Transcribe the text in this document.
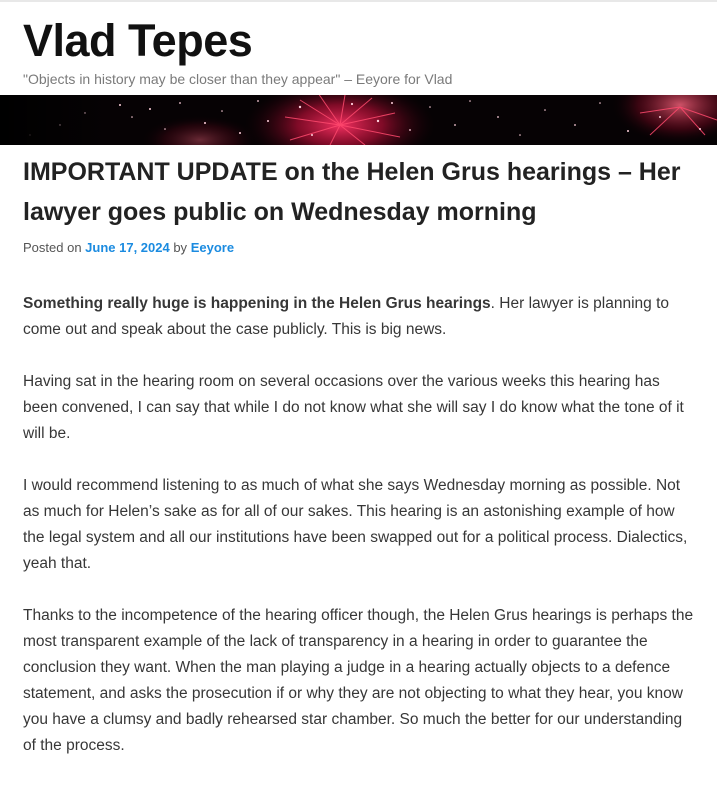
Vlad Tepes

"Objects in history may be closer than they appear" – Eeyore for Vlad

IMPORTANT UPDATE on the Helen Grus hearings – Her lawyer goes public on Wednesday morning
Posted on June 17, 2024 by Eeyore

Something really huge is happening in the Helen Grus hearings. Her lawyer is planning to come out and speak about the case publicly. This is big news.

Having sat in the hearing room on several occasions over the various weeks this hearing has been convened, I can say that while I do not know what she will say I do know what the tone of it will be.

I would recommend listening to as much of what she says Wednesday morning as possible. Not as much for Helen’s sake as for all of our sakes. This hearing is an astonishing example of how the legal system and all our institutions have been swapped out for a political process. Dialectics, yeah that.

Thanks to the incompetence of the hearing officer though, the Helen Grus hearings is perhaps the most transparent example of the lack of transparency in a hearing in order to guarantee the conclusion they want. When the man playing a judge in a hearing actually objects to a defence statement, and asks the prosecution if or why they are not objecting to what they hear, you know you have a clumsy and badly rehearsed star chamber. So much the better for our understanding of the process.
